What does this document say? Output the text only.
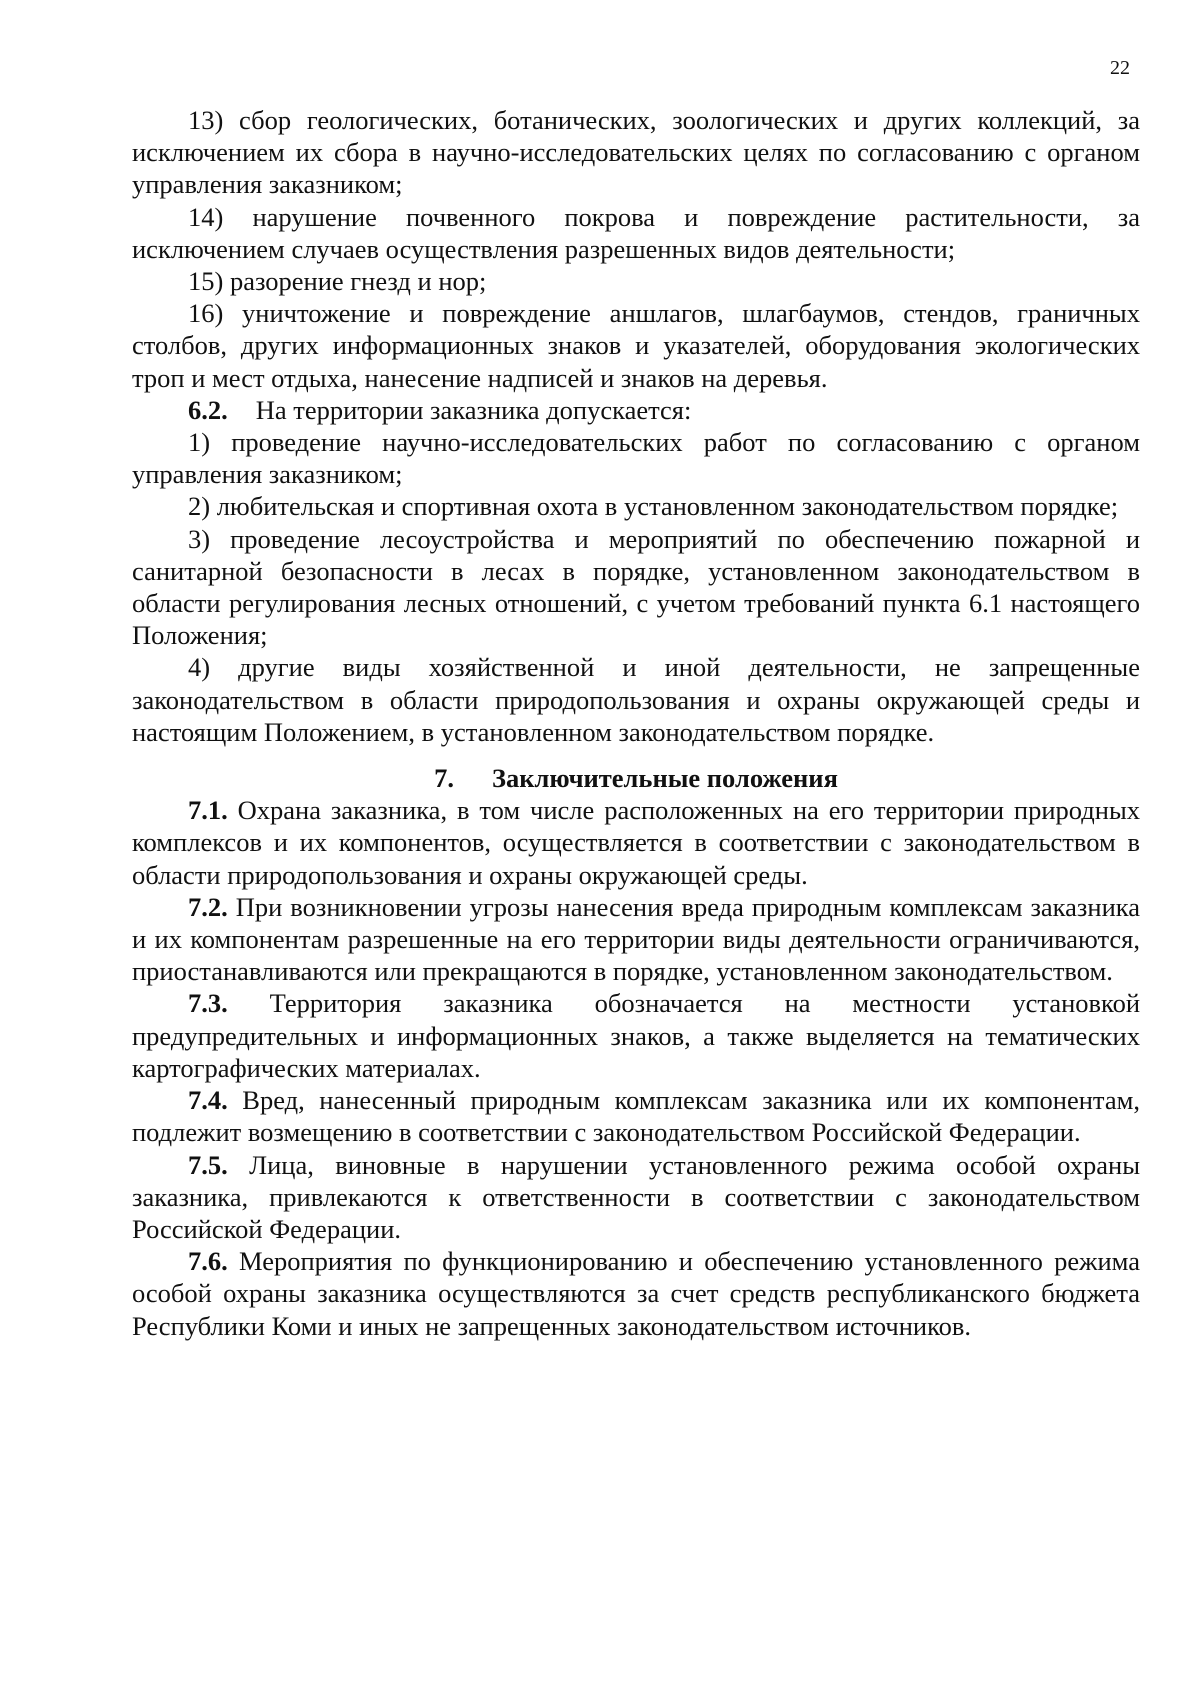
22

13) сбор геологических, ботанических, зоологических и других коллекций, за исключением их сбора в научно-исследовательских целях по согласованию с органом управления заказником;

14) нарушение почвенного покрова и повреждение растительности, за исключением случаев осуществления разрешенных видов деятельности;

15) разорение гнезд и нор;

16) уничтожение и повреждение аншлагов, шлагбаумов, стендов, граничных столбов, других информационных знаков и указателей, оборудования экологических троп и мест отдыха, нанесение надписей и знаков на деревья.

6.2. На территории заказника допускается:

1) проведение научно-исследовательских работ по согласованию с органом управления заказником;

2) любительская и спортивная охота в установленном законодательством порядке;

3) проведение лесоустройства и мероприятий по обеспечению пожарной и санитарной безопасности в лесах в порядке, установленном законодательством в области регулирования лесных отношений, с учетом требований пункта 6.1 настоящего Положения;

4) другие виды хозяйственной и иной деятельности, не запрещенные законодательством в области природопользования и охраны окружающей среды и настоящим Положением, в установленном законодательством порядке.

7. Заключительные положения

7.1. Охрана заказника, в том числе расположенных на его территории природных комплексов и их компонентов, осуществляется в соответствии с законодательством в области природопользования и охраны окружающей среды.

7.2. При возникновении угрозы нанесения вреда природным комплексам заказника и их компонентам разрешенные на его территории виды деятельности ограничиваются, приостанавливаются или прекращаются в порядке, установленном законодательством.

7.3. Территория заказника обозначается на местности установкой предупредительных и информационных знаков, а также выделяется на тематических картографических материалах.

7.4. Вред, нанесенный природным комплексам заказника или их компонентам, подлежит возмещению в соответствии с законодательством Российской Федерации.

7.5. Лица, виновные в нарушении установленного режима особой охраны заказника, привлекаются к ответственности в соответствии с законодательством Российской Федерации.

7.6. Мероприятия по функционированию и обеспечению установленного режима особой охраны заказника осуществляются за счет средств республиканского бюджета Республики Коми и иных не запрещенных законодательством источников.
